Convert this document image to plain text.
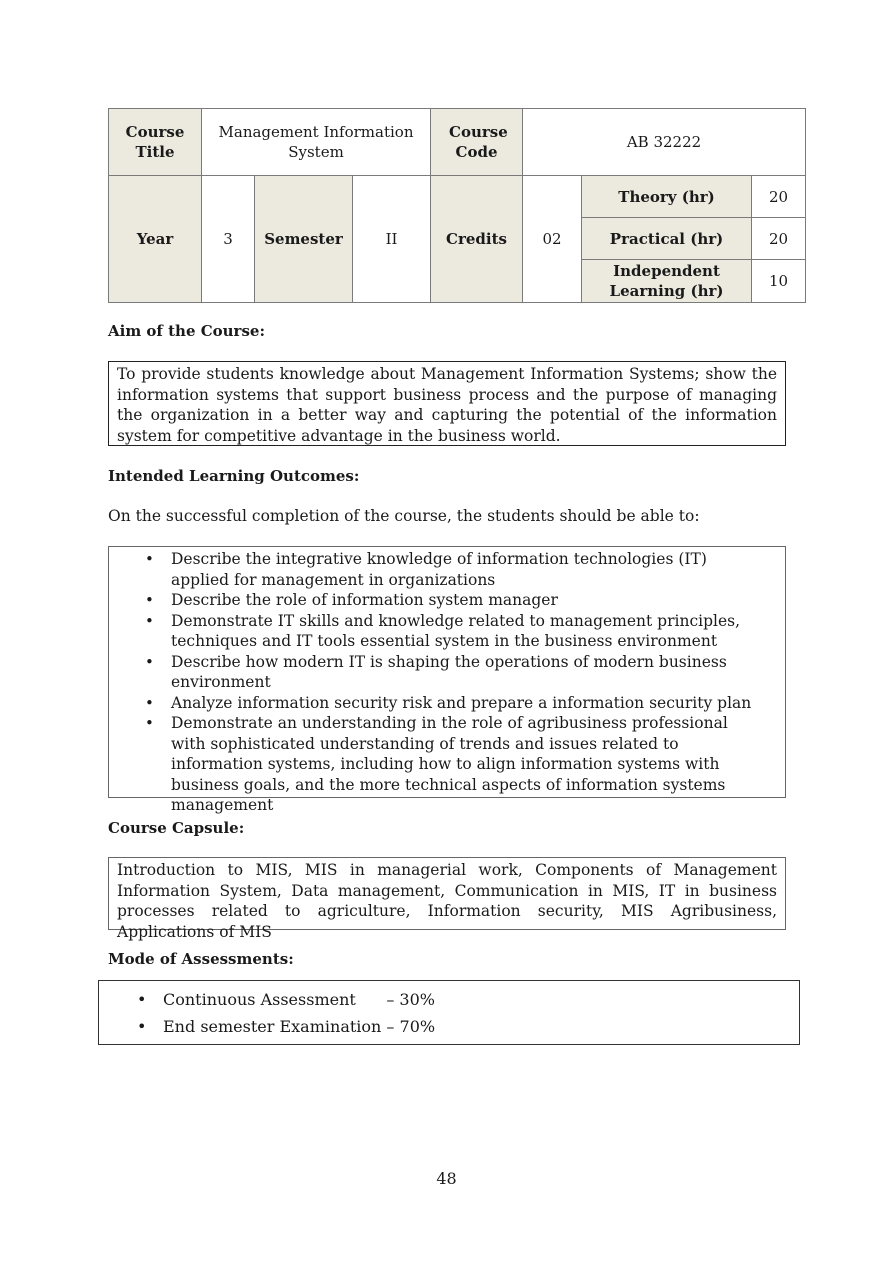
Course Title	Management Information System			Course Code	AB 32222		
Year	3	Semester	II	Credits	02	Theory (hr)	20
						Practical (hr)	20
						Independent Learning (hr)	10
Aim of the Course:
To provide students knowledge about Management Information Systems; show the information systems that support business process and the purpose of managing the organization in a better way and capturing the potential of the information system for competitive advantage in the business world.
Intended Learning Outcomes:
On the successful completion of the course, the students should be able to:
• Describe the integrative knowledge of information technologies (IT) applied for management in organizations
• Describe the role of information system manager
• Demonstrate IT skills and knowledge related to management principles, techniques and IT tools essential system in the business environment
• Describe how modern IT is shaping the operations of modern business environment
• Analyze information security risk and prepare a information security plan
• Demonstrate an understanding in the role of agribusiness professional with sophisticated understanding of trends and issues related to information systems, including how to align information systems with business goals, and the more technical aspects of information systems management
Course Capsule:
Introduction to MIS, MIS in managerial work, Components of Management Information System, Data management, Communication in MIS, IT in business processes related to agriculture, Information security, MIS Agribusiness, Applications of MIS
Mode of Assessments:
• Continuous Assessment      – 30%
• End semester Examination – 70%
48
